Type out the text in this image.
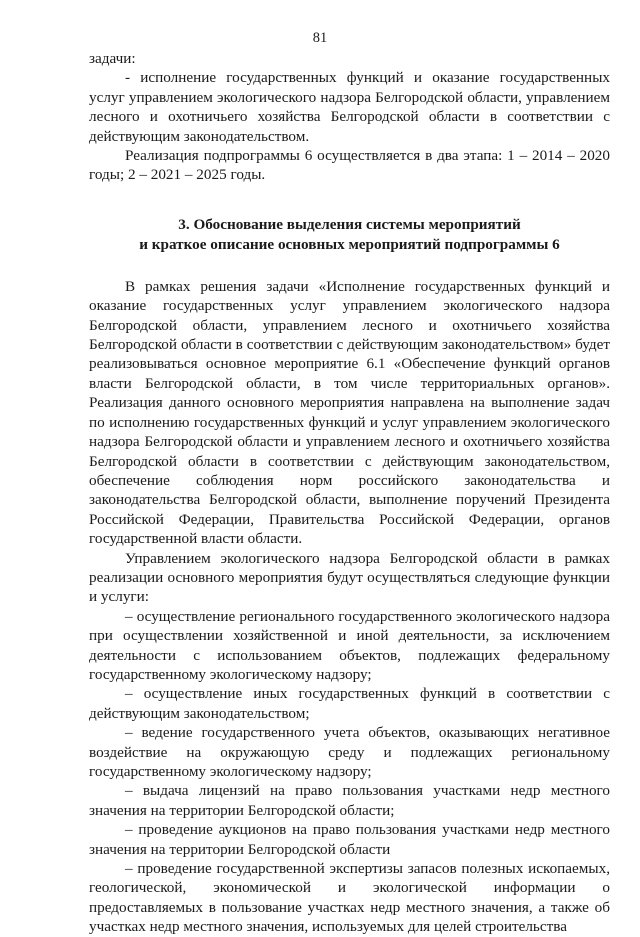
81

задачи:

- исполнение государственных функций и оказание государственных услуг управлением экологического надзора Белгородской области, управлением лесного и охотничьего хозяйства Белгородской области в соответствии с действующим законодательством.

Реализация подпрограммы 6 осуществляется в два этапа: 1 – 2014 – 2020 годы; 2 – 2021 – 2025 годы.

3. Обоснование выделения системы мероприятий
и краткое описание основных мероприятий подпрограммы 6

В рамках решения задачи «Исполнение государственных функций и оказание государственных услуг управлением экологического надзора Белгородской области, управлением лесного и охотничьего хозяйства Белгородской области в соответствии с действующим законодательством» будет реализовываться основное мероприятие 6.1 «Обеспечение функций органов власти Белгородской области, в том числе территориальных органов». Реализация данного основного мероприятия направлена на выполнение задач по исполнению государственных функций и услуг управлением экологического надзора Белгородской области и управлением лесного и охотничьего хозяйства Белгородской области в соответствии с действующим законодательством, обеспечение соблюдения норм российского законодательства и законодательства Белгородской области, выполнение поручений Президента Российской Федерации, Правительства Российской Федерации, органов государственной власти области.

Управлением экологического надзора Белгородской области в рамках реализации основного мероприятия будут осуществляться следующие функции и услуги:

– осуществление регионального государственного экологического надзора при осуществлении хозяйственной и иной деятельности, за исключением деятельности с использованием объектов, подлежащих федеральному государственному экологическому надзору;

– осуществление иных государственных функций в соответствии с действующим законодательством;

– ведение государственного учета объектов, оказывающих негативное воздействие на окружающую среду и подлежащих региональному государственному экологическому надзору;

– выдача лицензий на право пользования участками недр местного значения на территории Белгородской области;

– проведение аукционов на право пользования участками недр местного значения на территории Белгородской области

– проведение государственной экспертизы запасов полезных ископаемых, геологической, экономической и экологической информации о предоставляемых в пользование участках недр местного значения, а также об участках недр местного значения, используемых для целей строительства
